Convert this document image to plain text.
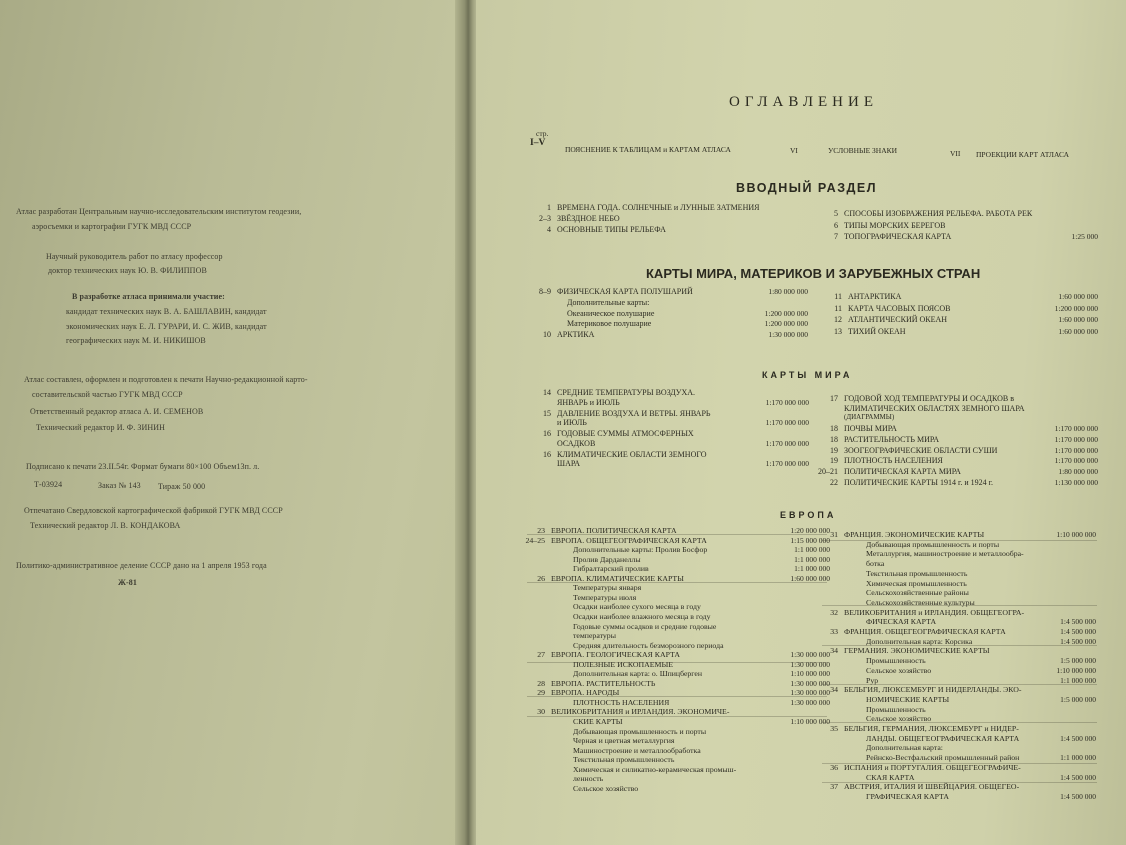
Атлас разработан Центральным научно-исследовательским институтом геодезии,
аэросъемки и картографии ГУГК МВД СССР
Научный руководитель работ по атласу профессор
доктор технических наук Ю. В. ФИЛИППОВ
В разработке атласа принимали участие:
кандидат технических наук В. А. БАШЛАВИН, кандидат
экономических наук Е. Л. ГУРАРИ, И. С. ЖИВ, кандидат
географических наук М. И. НИКИШОВ
Атлас составлен, оформлен и подготовлен к печати Научно-редакционной карто-
составительской частью ГУГК МВД СССР
Ответственный редактор атласа А. И. СЕМЕНОВ
Технический редактор И. Ф. ЗИНИН
Подписано к печати 23.II.54г. Формат бумаги 80×100 Объем13п. л.
Т-03924	Заказ № 143 Тираж 50 000
Отпечатано Свердловской картографической фабрикой ГУГК МВД СССР
Технический редактор Л. В. КОНДАКОВА
Политико-административное деление СССР дано на 1 апреля 1953 года
Ж-81
ОГЛАВЛЕНИЕ
стр.
I–V
ПОЯСНЕНИЕ К ТАБЛИЦАМ и КАРТАМ АТЛАСА	VI	УСЛОВНЫЕ ЗНАКИ	VII ПРОЕКЦИИ КАРТ АТЛАСА
ВВОДНЫЙ РАЗДЕЛ
1 ВРЕМЕНА ГОДА. СОЛНЕЧНЫЕ и ЛУННЫЕ ЗАТМЕНИЯ
2–3 ЗВЁЗДНОЕ НЕБО
4 ОСНОВНЫЕ ТИПЫ РЕЛЬЕФА
5 СПОСОБЫ ИЗОБРАЖЕНИЯ РЕЛЬЕФА. РАБОТА РЕК
6 ТИПЫ МОРСКИХ БЕРЕГОВ
7 ТОПОГРАФИЧЕСКАЯ КАРТА	1:25 000
КАРТЫ МИРА, МАТЕРИКОВ И ЗАРУБЕЖНЫХ СТРАН
8–9 ФИЗИЧЕСКАЯ КАРТА ПОЛУШАРИЙ	1:80 000 000
Дополнительные карты:
Океаническое полушарие	1:200 000 000
Материковое полушарие	1:200 000 000
10 АРКТИКА	1:30 000 000
11 АНТАРКТИКА	1:60 000 000
11 КАРТА ЧАСОВЫХ ПОЯСОВ	1:200 000 000
12 АТЛАНТИЧЕСКИЙ ОКЕАН	1:60 000 000
13 ТИХИЙ ОКЕАН	1:60 000 000
КАРТЫ МИРА
14 СРЕДНИЕ ТЕМПЕРАТУРЫ ВОЗДУХА.
ЯНВАРЬ и ИЮЛЬ	1:170 000 000
15 ДАВЛЕНИЕ ВОЗДУХА И ВЕТРЫ. ЯНВАРЬ
и ИЮЛЬ	1:170 000 000
16 ГОДОВЫЕ СУММЫ АТМОСФЕРНЫХ
ОСАДКОВ	1:170 000 000
16 КЛИМАТИЧЕСКИЕ ОБЛАСТИ ЗЕМНОГО
ШАРА	1:170 000 000
17 ГОДОВОЙ ХОД ТЕМПЕРАТУРЫ И ОСАДКОВ в
КЛИМАТИЧЕСКИХ ОБЛАСТЯХ ЗЕМНОГО ШАРА
(ДИАГРАММЫ)
18 ПОЧВЫ МИРА	1:170 000 000
18 РАСТИТЕЛЬНОСТЬ МИРА	1:170 000 000
19 ЗООГЕОГРАФИЧЕСКИЕ ОБЛАСТИ СУШИ	1:170 000 000
19 ПЛОТНОСТЬ НАСЕЛЕНИЯ	1:170 000 000
20–21 ПОЛИТИЧЕСКАЯ КАРТА МИРА	1:80 000 000
22 ПОЛИТИЧЕСКИЕ КАРТЫ 1914 г. и 1924 г.	1:130 000 000
ЕВРОПА
23 ЕВРОПА. ПОЛИТИЧЕСКАЯ КАРТА	1:20 000 000
24–25 ЕВРОПА. ОБЩЕГЕОГРАФИЧЕСКАЯ КАРТА	1:15 000 000
Дополнительные карты: Пролив Босфор	1:1 000 000
Пролив Дарданеллы	1:1 000 000
Гибралтарский пролив	1:1 000 000
26 ЕВРОПА. КЛИМАТИЧЕСКИЕ КАРТЫ	1:60 000 000
Температуры января
Температуры июля
Осадки наиболее сухого месяца в году
Осадки наиболее влажного месяца в году
Годовые суммы осадков и средние годовые
температуры
Средняя длительность безморозного периода
27 ЕВРОПА. ГЕОЛОГИЧЕСКАЯ КАРТА	1:30 000 000
ПОЛЕЗНЫЕ ИСКОПАЕМЫЕ	1:30 000 000
Дополнительная карта: о. Шпицберген	1:10 000 000
28 ЕВРОПА. РАСТИТЕЛЬНОСТЬ	1:30 000 000
29 ЕВРОПА. НАРОДЫ	1:30 000 000
ПЛОТНОСТЬ НАСЕЛЕНИЯ	1:30 000 000
30 ВЕЛИКОБРИТАНИЯ и ИРЛАНДИЯ. ЭКОНОМИЧЕ-
СКИЕ КАРТЫ	1:10 000 000
Добывающая промышленность и порты
Черная и цветная металлургия
Машиностроение и металлообработка
Текстильная промышленность
Химическая и силикатно-керамическая промыш-
ленность
Сельское хозяйство
31 ФРАНЦИЯ. ЭКОНОМИЧЕСКИЕ КАРТЫ	1:10 000 000
Добывающая промышленность и порты
Металлургия, машиностроение и металлообра-
ботка
Текстильная промышленность
Химическая промышленность
Сельскохозяйственные районы
Сельскохозяйственные культуры
32 ВЕЛИКОБРИТАНИЯ и ИРЛАНДИЯ. ОБЩЕГЕОГРА-
ФИЧЕСКАЯ КАРТА	1:4 500 000
33 ФРАНЦИЯ. ОБЩЕГЕОГРАФИЧЕСКАЯ КАРТА	1:4 500 000
Дополнительная карта: Корсика	1:4 500 000
34 ГЕРМАНИЯ. ЭКОНОМИЧЕСКИЕ КАРТЫ
Промышленность	1:5 000 000
Сельское хозяйство	1:10 000 000
Рур	1:1 000 000
34 БЕЛЬГИЯ, ЛЮКСЕМБУРГ И НИДЕРЛАНДЫ. ЭКО-
НОМИЧЕСКИЕ КАРТЫ	1:5 000 000
Промышленность
Сельское хозяйство
35 БЕЛЬГИЯ, ГЕРМАНИЯ, ЛЮКСЕМБУРГ и НИДЕР-
ЛАНДЫ. ОБЩЕГЕОГРАФИЧЕСКАЯ КАРТА	1:4 500 000
Дополнительная карта:
Рейнско-Вестфальский промышленный район	1:1 000 000
36 ИСПАНИЯ и ПОРТУГАЛИЯ. ОБЩЕГЕОГРАФИЧЕ-
СКАЯ КАРТА	1:4 500 000
37 АВСТРИЯ, ИТАЛИЯ И ШВЕЙЦАРИЯ. ОБЩЕГЕО-
ГРАФИЧЕСКАЯ КАРТА	1:4 500 000
